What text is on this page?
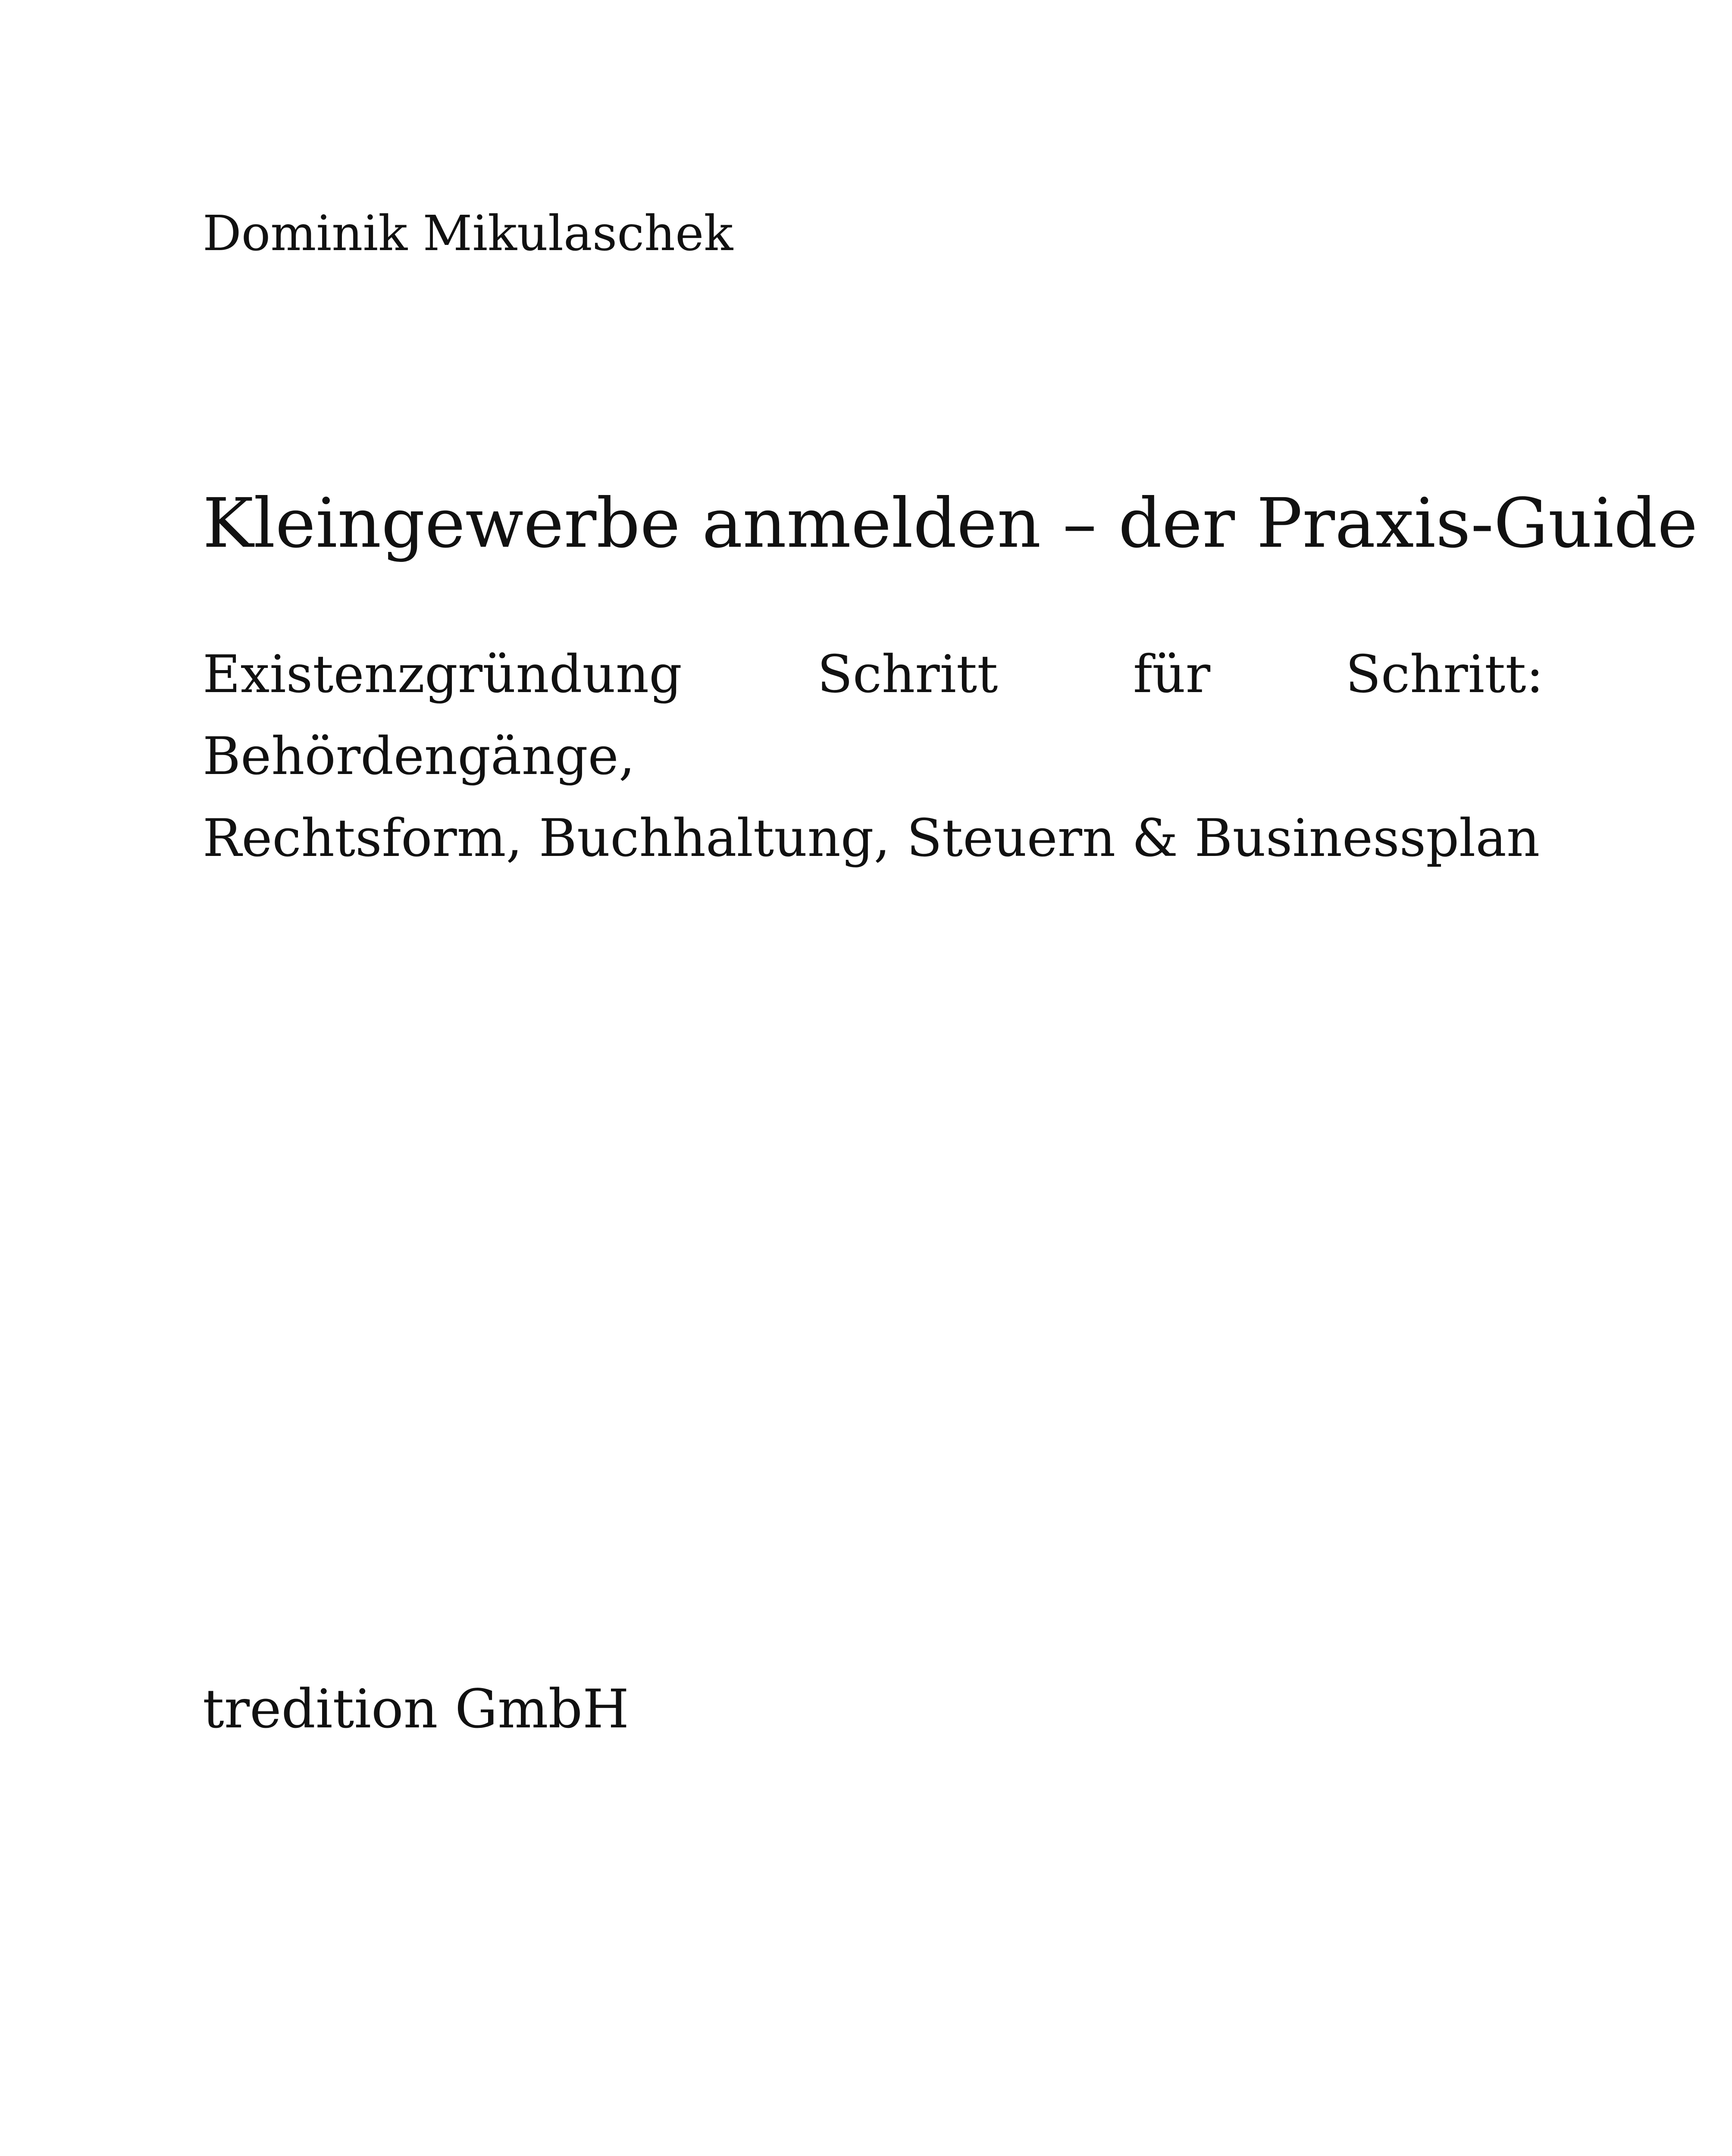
Dominik Mikulaschek
Kleingewerbe anmelden – der Praxis-Guide
Existenzgründung Schritt für Schritt: Behördengänge,
Rechtsform, Buchhaltung, Steuern & Businessplan
tredition GmbH
